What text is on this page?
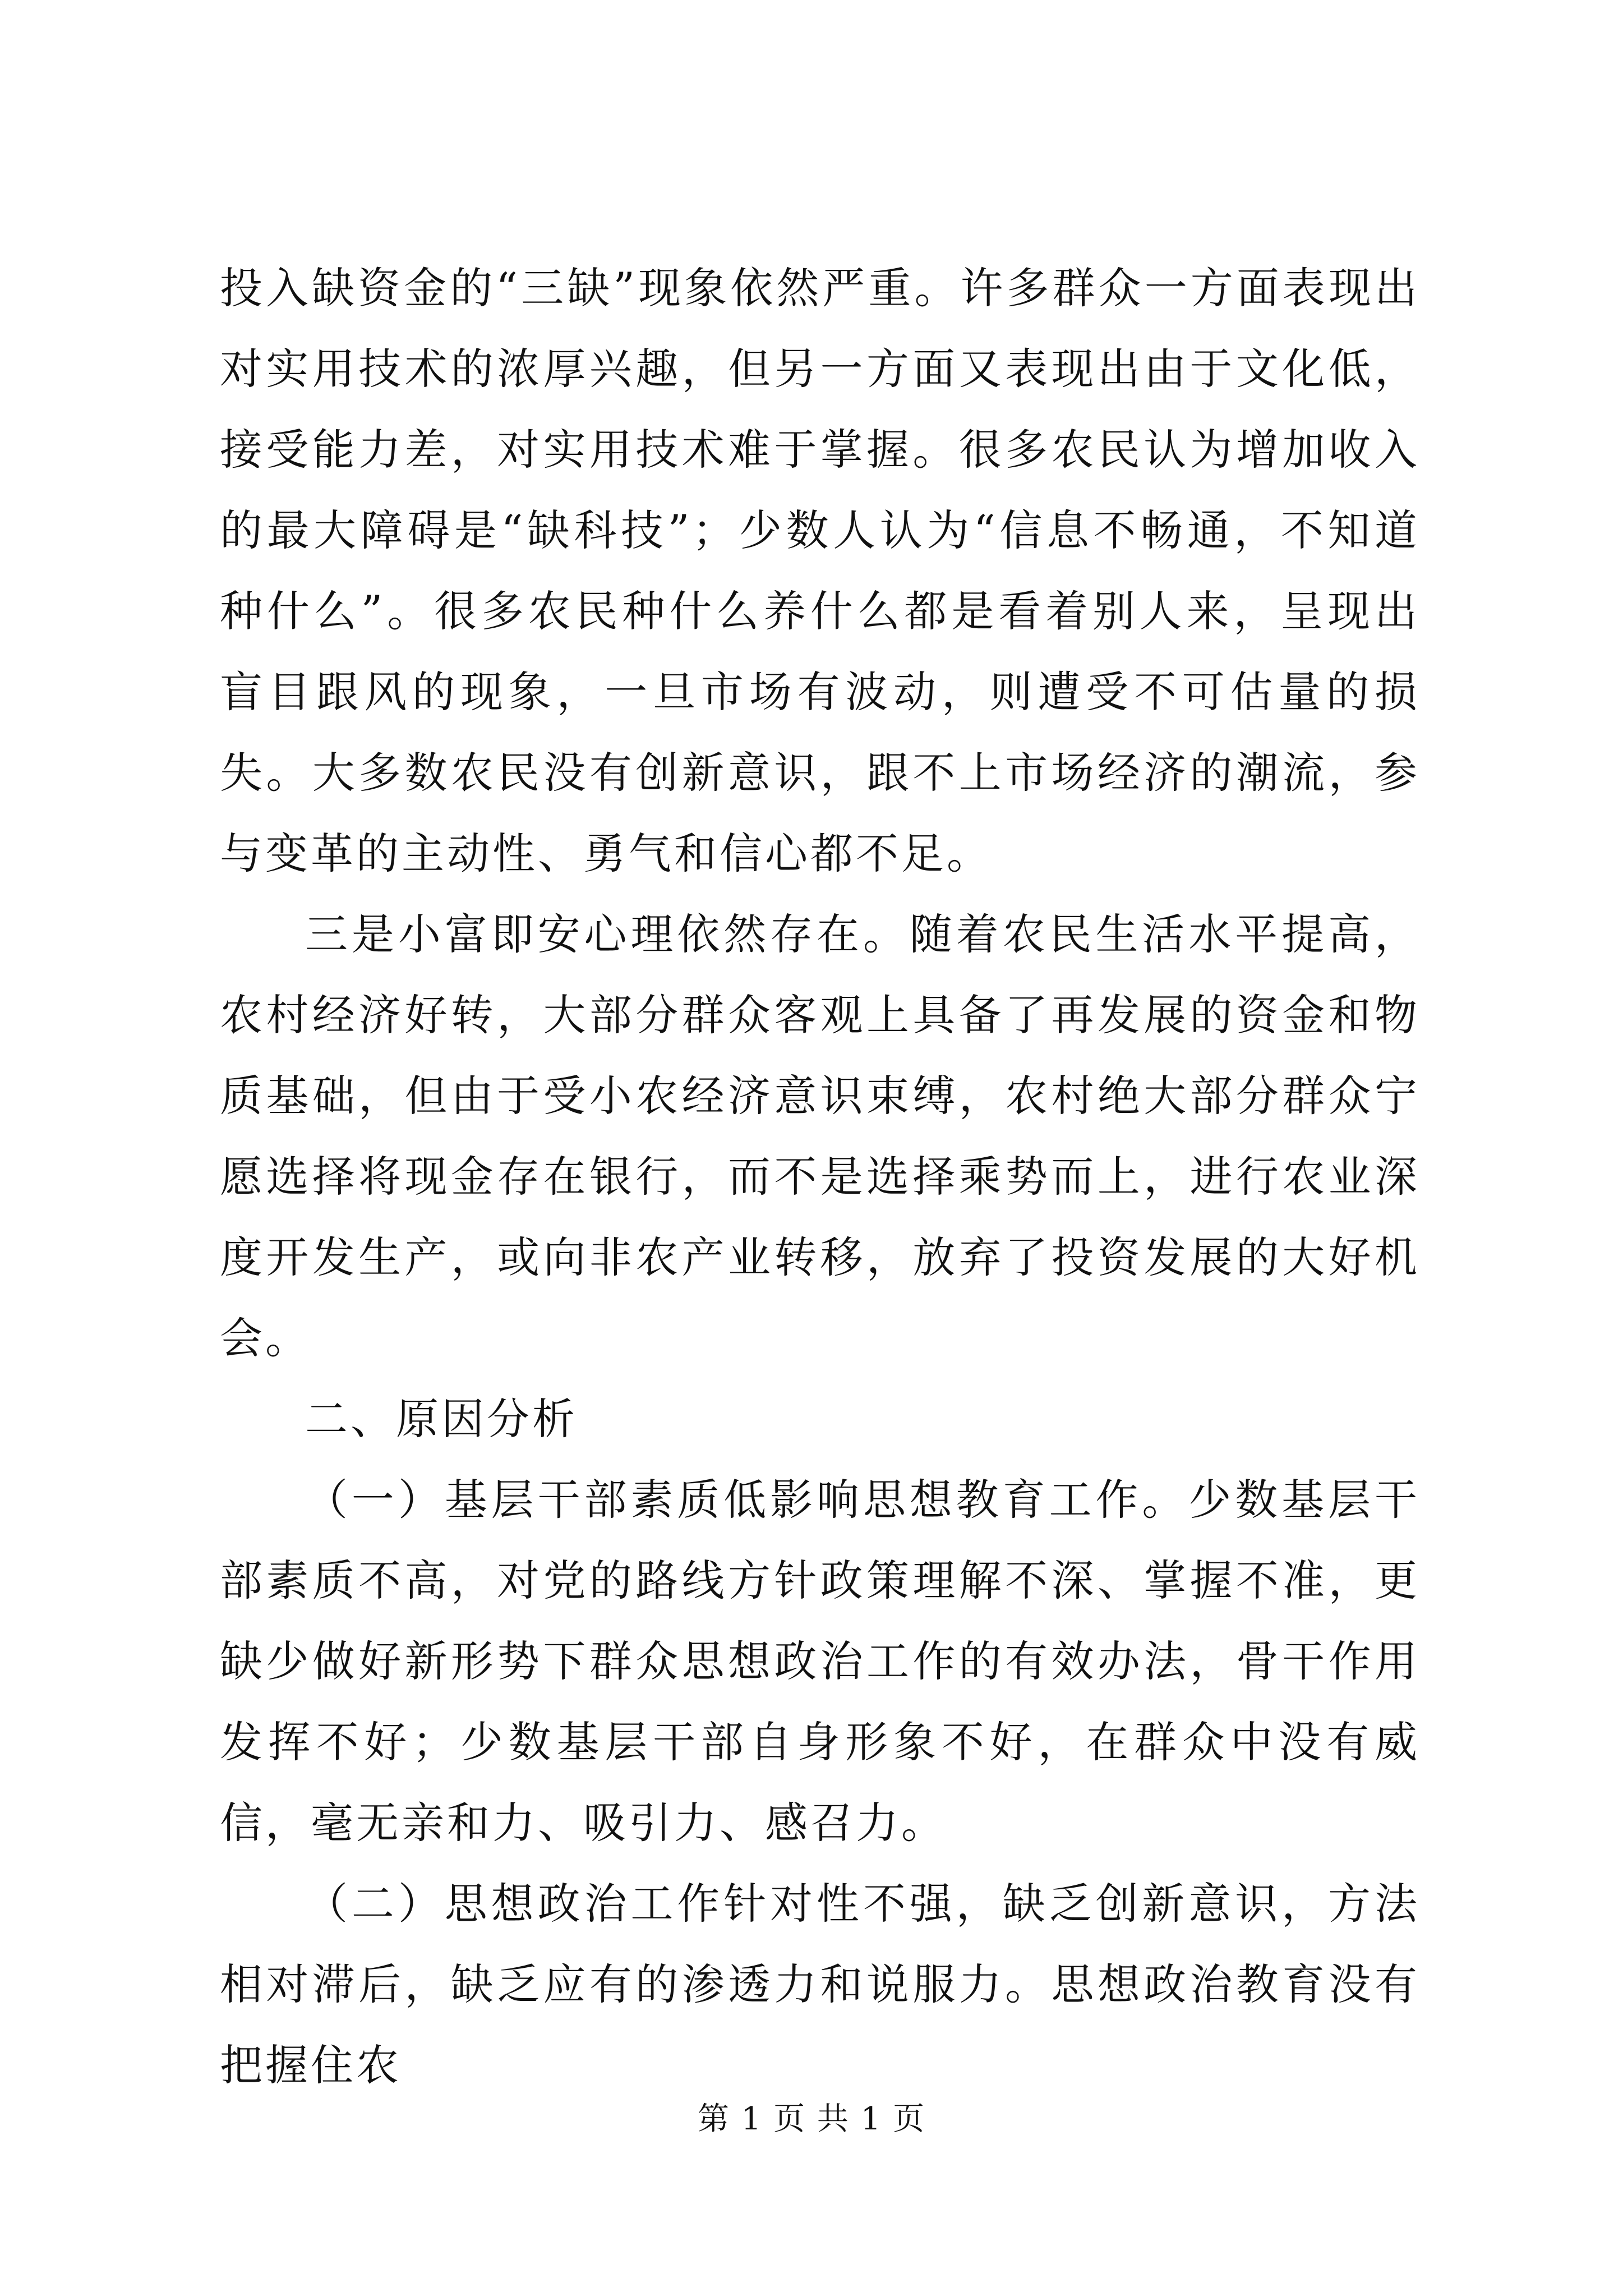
投入缺资金的“三缺”现象依然严重。许多群众一方面表现出对实用技术的浓厚兴趣，但另一方面又表现出由于文化低，接受能力差，对实用技术难于掌握。很多农民认为增加收入的最大障碍是“缺科技”；少数人认为“信息不畅通，不知道种什么”。很多农民种什么养什么都是看着别人来，呈现出盲目跟风的现象，一旦市场有波动，则遭受不可估量的损失。大多数农民没有创新意识，跟不上市场经济的潮流，参与变革的主动性、勇气和信心都不足。

三是小富即安心理依然存在。随着农民生活水平提高，农村经济好转，大部分群众客观上具备了再发展的资金和物质基础，但由于受小农经济意识束缚，农村绝大部分群众宁愿选择将现金存在银行，而不是选择乘势而上，进行农业深度开发生产，或向非农产业转移，放弃了投资发展的大好机会。

二、原因分析

（一）基层干部素质低影响思想教育工作。少数基层干部素质不高，对党的路线方针政策理解不深、掌握不准，更缺少做好新形势下群众思想政治工作的有效办法，骨干作用发挥不好；少数基层干部自身形象不好，在群众中没有威信，毫无亲和力、吸引力、感召力。

（二）思想政治工作针对性不强，缺乏创新意识，方法相对滞后，缺乏应有的渗透力和说服力。思想政治教育没有把握住农

第 1 页 共 1 页
